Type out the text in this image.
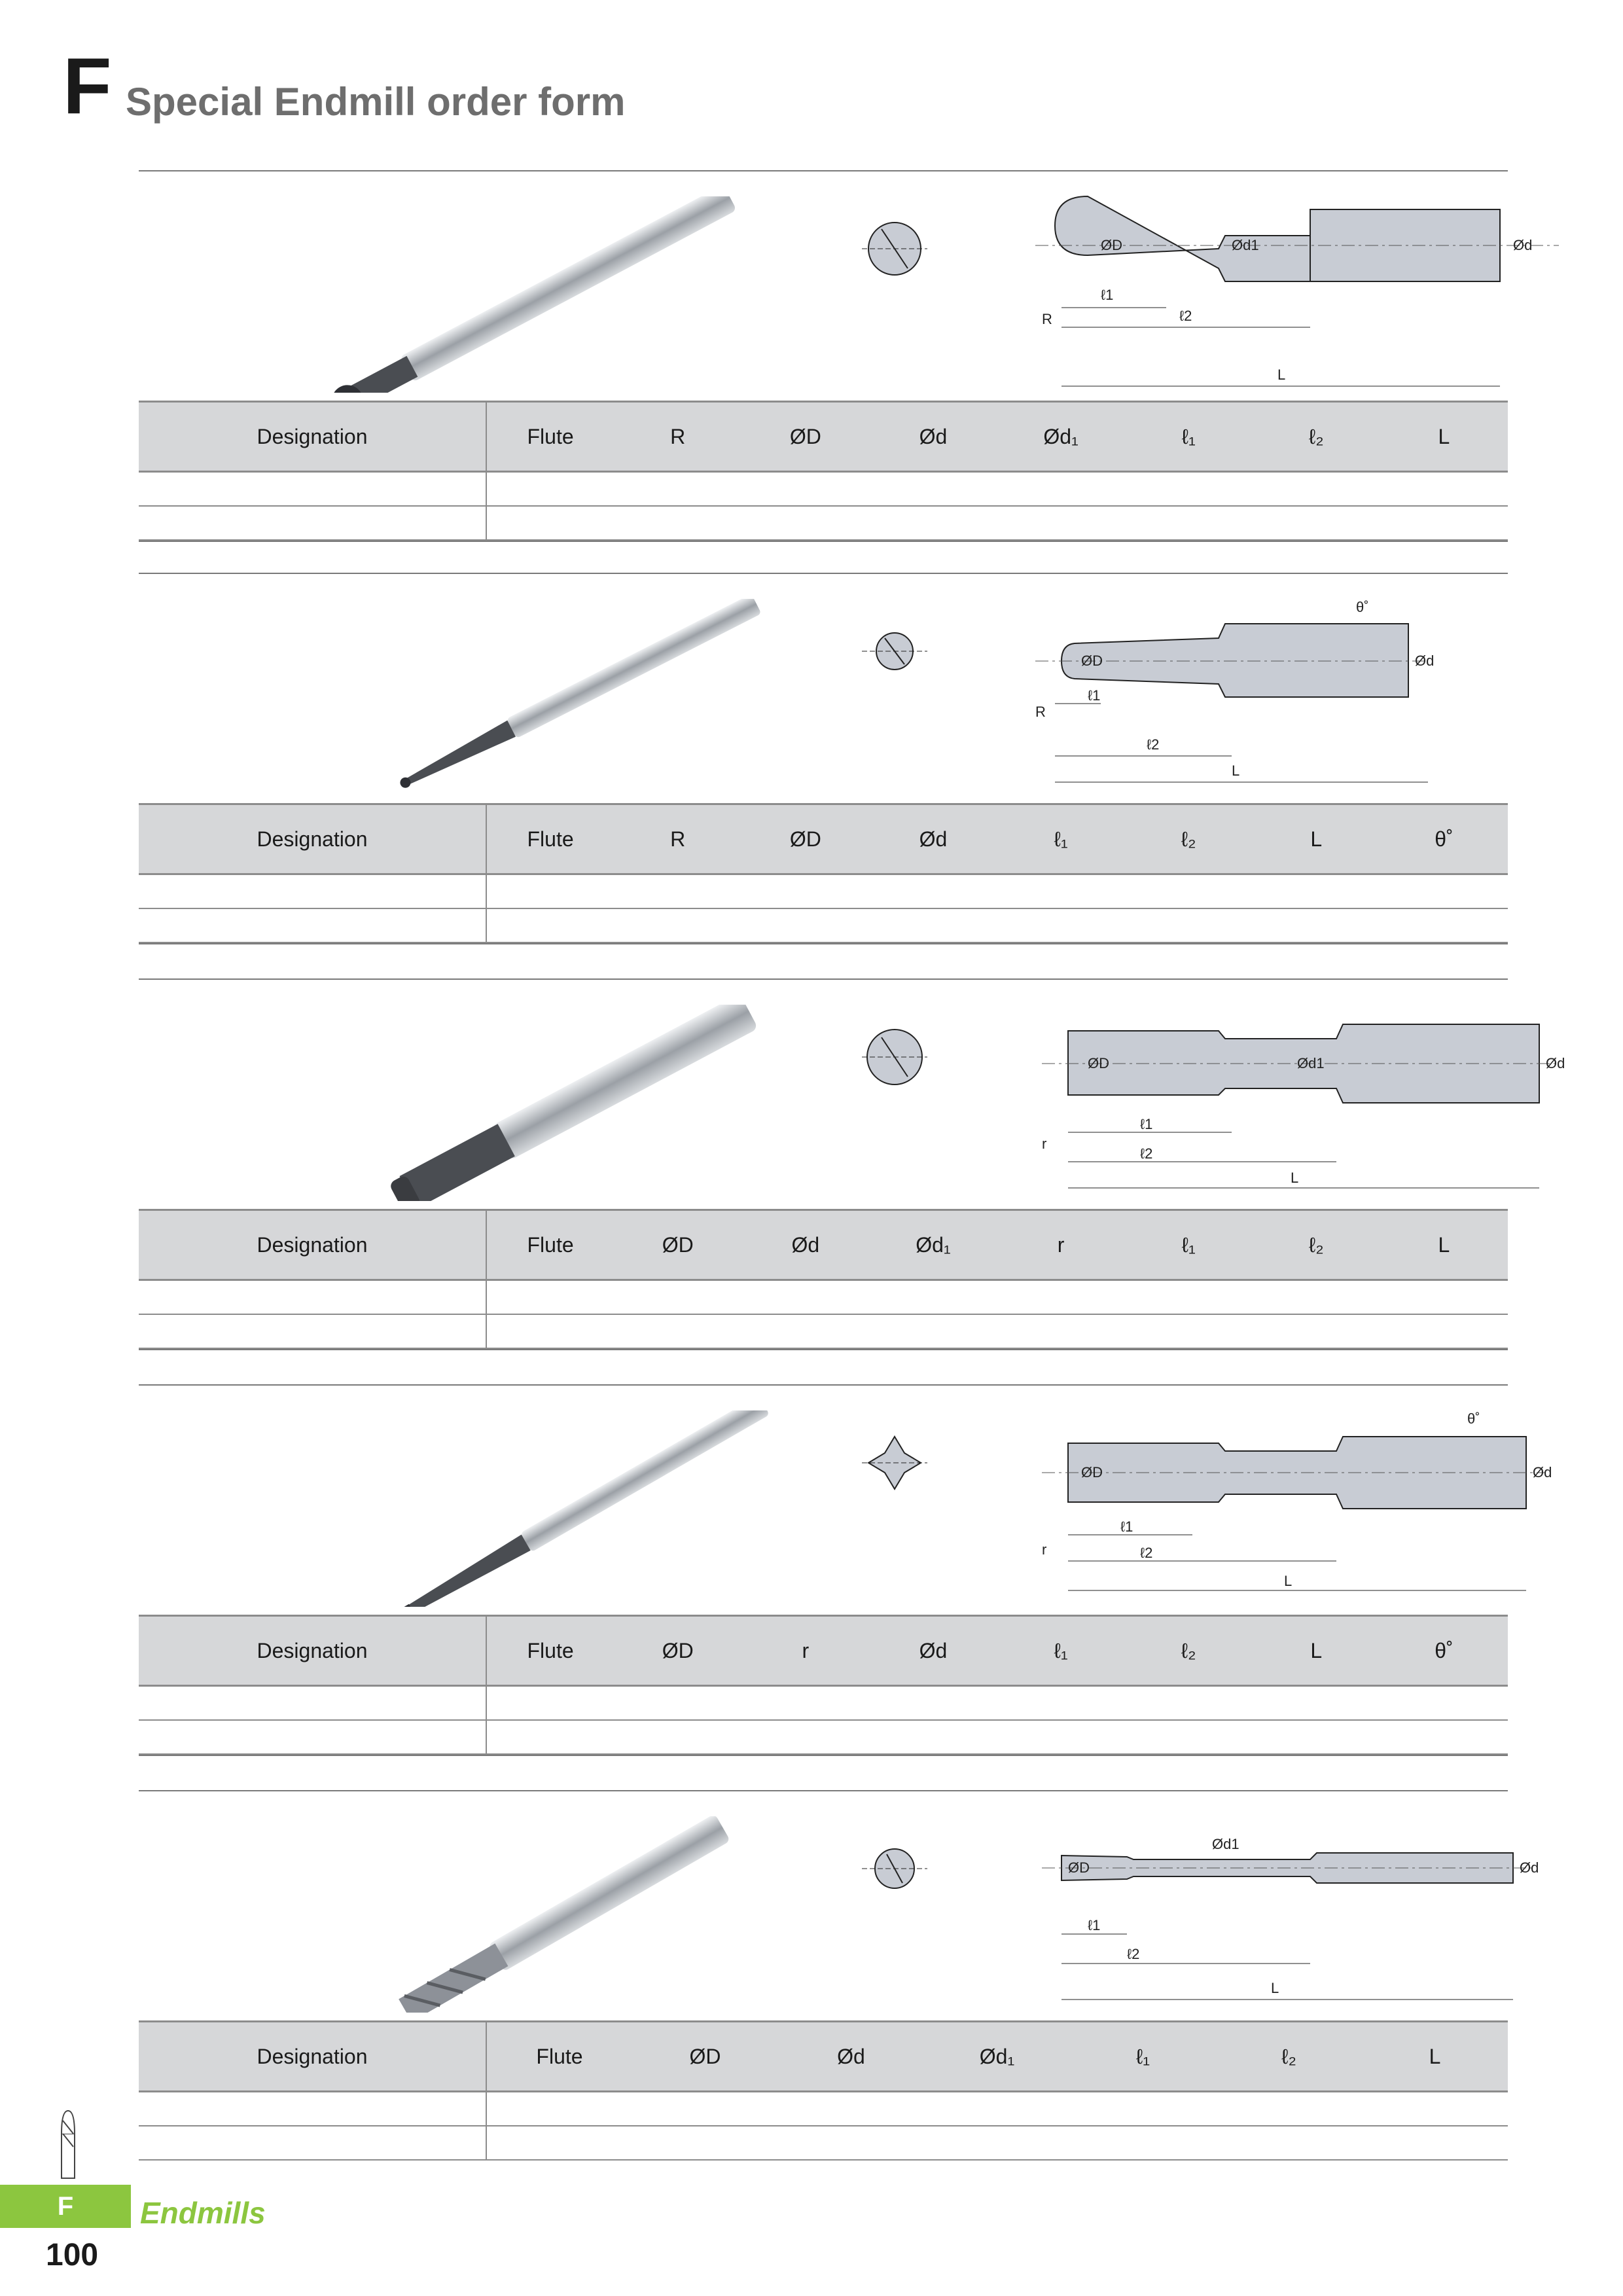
F Special Endmill order form
ØD	Ød1	Ød
ℓ1
R	ℓ2
L
Designation	Flute	R	ØD	Ød	Ød₁	ℓ₁	ℓ₂	L

ØD	Ød
ℓ1
R
ℓ2
L
θ˚
Designation	Flute	R	ØD	Ød	ℓ₁	ℓ₂	L	θ˚

ØD	Ød1	Ød
r
ℓ1
ℓ2
L
Designation	Flute	ØD	Ød	Ød₁	r	ℓ₁	ℓ₂	L

ØD	Ød
r
ℓ1
ℓ2
L
θ˚
Designation	Flute	ØD	r	Ød	ℓ₁	ℓ₂	L	θ˚

ØD
Ød1
Ød
ℓ1
ℓ2
L
Designation	Flute	ØD	Ød	Ød₁	ℓ₁	ℓ₂	L

F	Endmills
100
